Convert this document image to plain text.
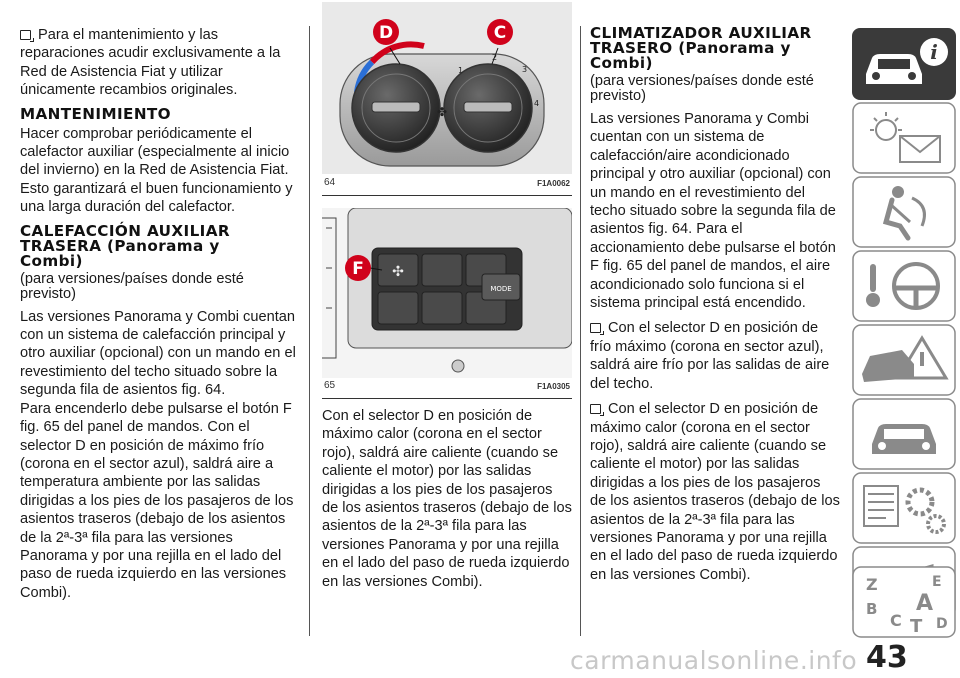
Para el mantenimiento y las reparaciones acudir exclusivamente a la Red de Asistencia Fiat y utilizar únicamente recambios originales.

MANTENIMIENTO

Hacer comprobar periódicamente el calefactor auxiliar (especialmente al inicio del invierno) en la Red de Asistencia Fiat. Esto garantizará el buen funcionamiento y una larga duración del calefactor.

CALEFACCIÓN AUXILIAR
TRASERA (Panorama y
Combi)

(para versiones/países donde esté previsto)

Las versiones Panorama y Combi cuentan con un sistema de calefacción principal y otro auxiliar (opcional) con un mando en el revestimiento del techo situado sobre la segunda fila de asientos fig. 64.

Para encenderlo debe pulsarse el botón F fig. 65 del panel de mandos. Con el selector D en posición de máximo frío (corona en el sector azul), saldrá aire a temperatura ambiente por las salidas dirigidas a los pies de los pasajeros de los asientos traseros (debajo de los asientos de la 2ª-3ª fila para las versiones Panorama y por una rejilla en el lado del paso de rueda izquierdo en las versiones Combi).

✤
D	C
1
2
3
4
64	F1A0062
MODE
✣
F
65	F1A0305

Con el selector D en posición de máximo calor (corona en el sector rojo), saldrá aire caliente (cuando se caliente el motor) por las salidas dirigidas a los pies de los pasajeros de los asientos traseros (debajo de los asientos de la 2ª-3ª fila para las versiones Panorama y por una rejilla en el lado del paso de rueda izquierdo en las versiones Combi).

CLIMATIZADOR AUXILIAR
TRASERO (Panorama y
Combi)

(para versiones/países donde esté previsto)

Las versiones Panorama y Combi cuentan con un sistema de calefacción/aire acondicionado principal y otro auxiliar (opcional) con un mando en el revestimiento del techo situado sobre la segunda fila de asientos fig. 64. Para el accionamiento debe pulsarse el botón F fig. 65 del panel de mandos, el aire acondicionado solo funciona si el sistema principal está encendido.

Con el selector D en posición de frío máximo (corona en sector azul), saldrá aire frío por las salidas de aire del techo.

Con el selector D en posición de máximo calor (corona en el sector rojo), saldrá aire caliente (cuando se caliente el motor) por las salidas dirigidas a los pies de los pasajeros de los asientos traseros (debajo de los asientos de la 2ª-3ª fila para las versiones Panorama y por una rejilla en el lado del paso de rueda izquierdo en las versiones Combi).

i
Z	E B A C T D
carmanualsonline.info 43
